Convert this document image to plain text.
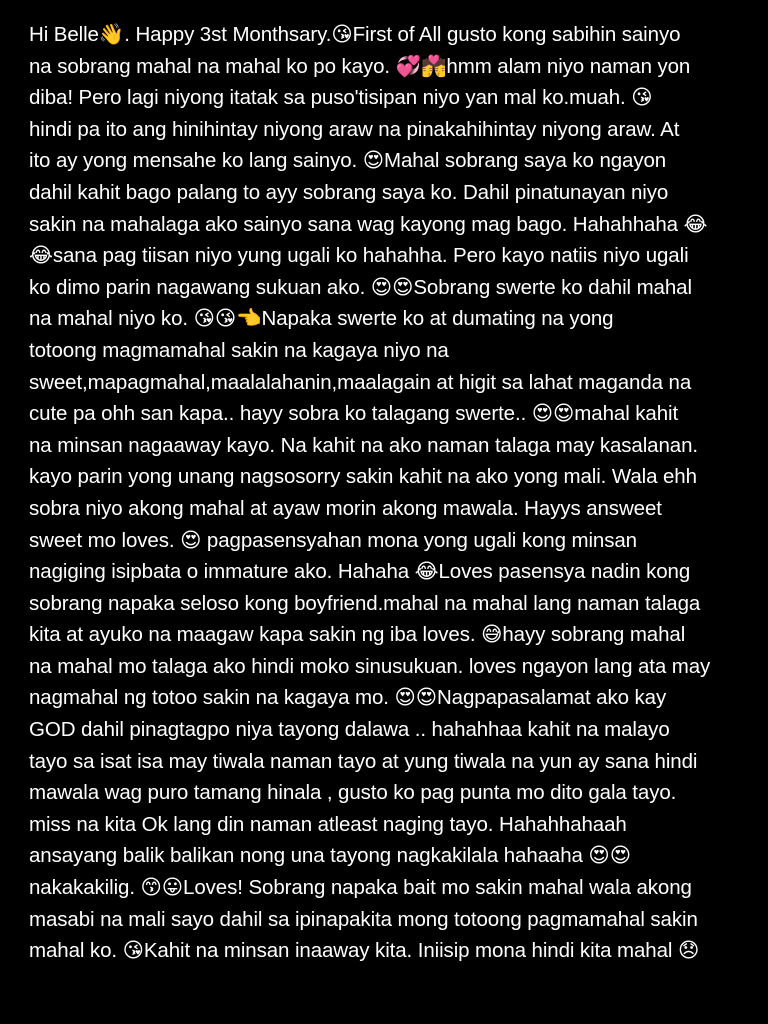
Hi Belle👋. Happy 3st Monthsary.😘First of All gusto kong sabihin sainyo
na sobrang mahal na mahal ko po kayo. 💞💏hmm alam niyo naman yon
diba! Pero lagi niyong itatak sa puso'tisipan niyo yan mal ko.muah. 😘
hindi pa ito ang hinihintay niyong araw na pinakahihintay niyong araw. At
ito ay yong mensahe ko lang sainyo. 😍Mahal sobrang saya ko ngayon
dahil kahit bago palang to ayy sobrang saya ko. Dahil pinatunayan niyo
sakin na mahalaga ako sainyo sana wag kayong mag bago. Hahahhaha 😂
😂sana pag tiisan niyo yung ugali ko hahahha. Pero kayo natiis niyo ugali
ko dimo parin nagawang sukuan ako. 😍😍Sobrang swerte ko dahil mahal
na mahal niyo ko. 😘😘👈Napaka swerte ko at dumating na yong
totoong magmamahal sakin na kagaya niyo na
sweet,mapagmahal,maalalahanin,maalagain at higit sa lahat maganda na
cute pa ohh san kapa.. hayy sobra ko talagang swerte.. 😍😍mahal kahit
na minsan nagaaway kayo. Na kahit na ako naman talaga may kasalanan.
kayo parin yong unang nagsosorry sakin kahit na ako yong mali. Wala ehh
sobra niyo akong mahal at ayaw morin akong mawala. Hayys answeet
sweet mo loves. 😍 pagpasensyahan mona yong ugali kong minsan
nagiging isipbata o immature ako. Hahaha 😂Loves pasensya nadin kong
sobrang napaka seloso kong boyfriend.mahal na mahal lang naman talaga
kita at ayuko na maagaw kapa sakin ng iba loves. 😅hayy sobrang mahal
na mahal mo talaga ako hindi moko sinusukuan. loves ngayon lang ata may
nagmahal ng totoo sakin na kagaya mo. 😍😍Nagpapasalamat ako kay
GOD dahil pinagtagpo niya tayong dalawa .. hahahhaa kahit na malayo
tayo sa isat isa may tiwala naman tayo at yung tiwala na yun ay sana hindi
mawala wag puro tamang hinala , gusto ko pag punta mo dito gala tayo.
miss na kita Ok lang din naman atleast naging tayo. Hahahhahaah
ansayang balik balikan nong una tayong nagkakilala hahaaha 😍😍
nakakakilig. 😙😛Loves! Sobrang napaka bait mo sakin mahal wala akong
masabi na mali sayo dahil sa ipinapakita mong totoong pagmamahal sakin
mahal ko. 😘Kahit na minsan inaaway kita. Iniisip mona hindi kita mahal 😞
